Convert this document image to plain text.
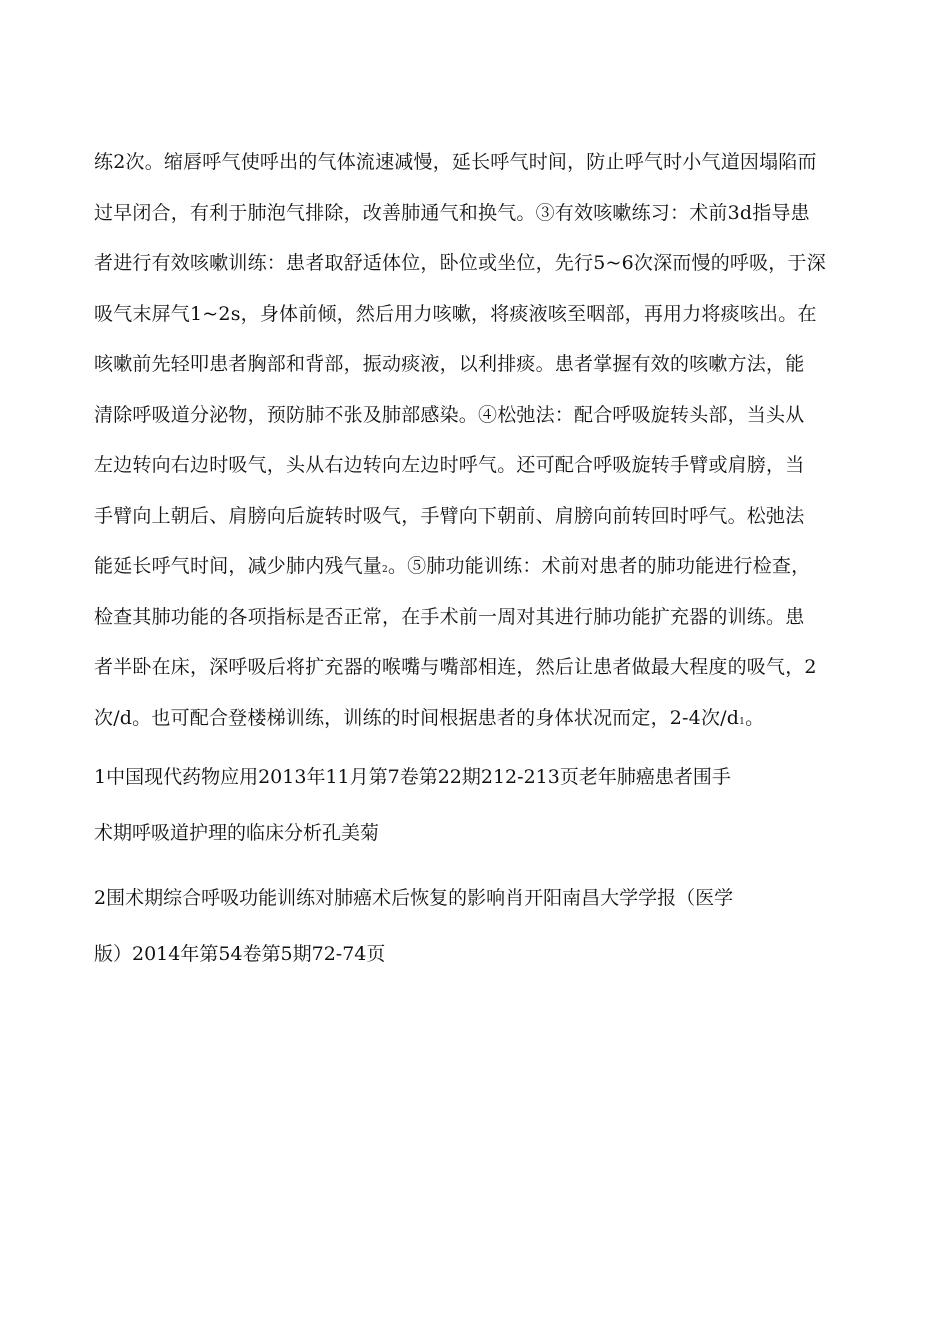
练2次。缩唇呼气使呼出的气体流速减慢，延长呼气时间，防止呼气时小气道因塌陷而
过早闭合，有利于肺泡气排除，改善肺通气和换气。③有效咳嗽练习：术前3d指导患
者进行有效咳嗽训练：患者取舒适体位，卧位或坐位，先行5~6次深而慢的呼吸，于深
吸气末屏气1~2s，身体前倾，然后用力咳嗽，将痰液咳至咽部，再用力将痰咳出。在
咳嗽前先轻叩患者胸部和背部，振动痰液，以利排痰。患者掌握有效的咳嗽方法，能
清除呼吸道分泌物，预防肺不张及肺部感染。④松弛法：配合呼吸旋转头部，当头从
左边转向右边时吸气，头从右边转向左边时呼气。还可配合呼吸旋转手臂或肩膀，当
手臂向上朝后、肩膀向后旋转时吸气，手臂向下朝前、肩膀向前转回时呼气。松弛法
能延长呼气时间，减少肺内残气量2。⑤肺功能训练：术前对患者的肺功能进行检查，
检查其肺功能的各项指标是否正常，在手术前一周对其进行肺功能扩充器的训练。患
者半卧在床，深呼吸后将扩充器的喉嘴与嘴部相连，然后让患者做最大程度的吸气，2
次/d。也可配合登楼梯训练，训练的时间根据患者的身体状况而定，2-4次/d1。
1中国现代药物应用2013年11月第7卷第22期212-213页老年肺癌患者围手
术期呼吸道护理的临床分析孔美菊
2围术期综合呼吸功能训练对肺癌术后恢复的影响肖开阳南昌大学学报（医学
版）2014年第54卷第5期72-74页
